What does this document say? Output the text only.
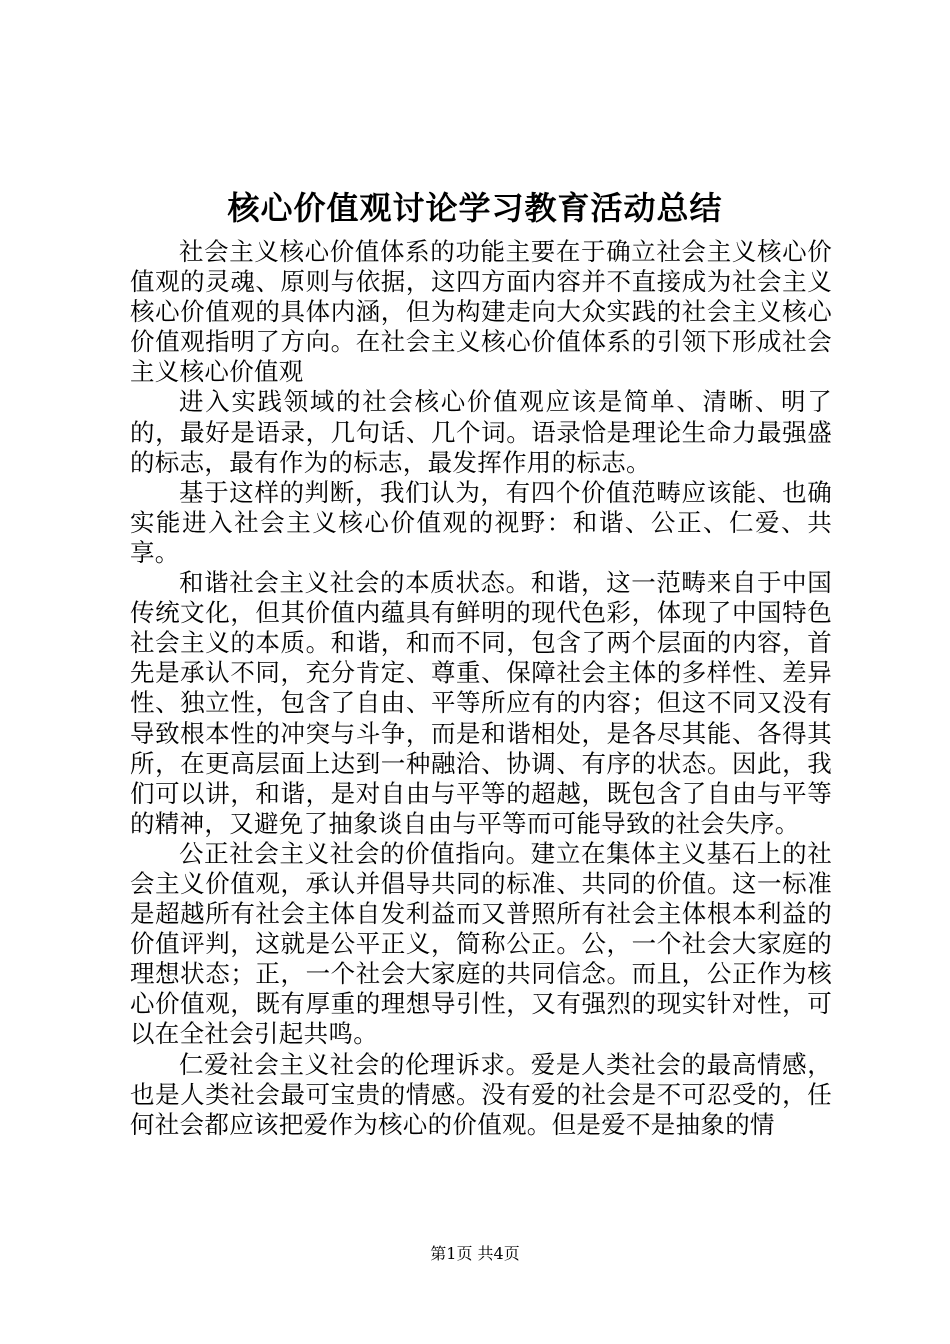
核心价值观讨论学习教育活动总结

社会主义核心价值体系的功能主要在于确立社会主义核心价值观的灵魂、原则与依据，这四方面内容并不直接成为社会主义核心价值观的具体内涵，但为构建走向大众实践的社会主义核心价值观指明了方向。在社会主义核心价值体系的引领下形成社会主义核心价值观

进入实践领域的社会核心价值观应该是简单、清晰、明了的，最好是语录，几句话、几个词。语录恰是理论生命力最强盛的标志，最有作为的标志，最发挥作用的标志。

基于这样的判断，我们认为，有四个价值范畴应该能、也确实能进入社会主义核心价值观的视野：和谐、公正、仁爱、共享。

和谐社会主义社会的本质状态。和谐，这一范畴来自于中国传统文化，但其价值内蕴具有鲜明的现代色彩，体现了中国特色社会主义的本质。和谐，和而不同，包含了两个层面的内容，首先是承认不同，充分肯定、尊重、保障社会主体的多样性、差异性、独立性，包含了自由、平等所应有的内容；但这不同又没有导致根本性的冲突与斗争，而是和谐相处，是各尽其能、各得其所，在更高层面上达到一种融洽、协调、有序的状态。因此，我们可以讲，和谐，是对自由与平等的超越，既包含了自由与平等的精神，又避免了抽象谈自由与平等而可能导致的社会失序。

公正社会主义社会的价值指向。建立在集体主义基石上的社会主义价值观，承认并倡导共同的标准、共同的价值。这一标准是超越所有社会主体自发利益而又普照所有社会主体根本利益的价值评判，这就是公平正义，简称公正。公，一个社会大家庭的理想状态；正，一个社会大家庭的共同信念。而且，公正作为核心价值观，既有厚重的理想导引性，又有强烈的现实针对性，可以在全社会引起共鸣。

仁爱社会主义社会的伦理诉求。爱是人类社会的最高情感，也是人类社会最可宝贵的情感。没有爱的社会是不可忍受的，任何社会都应该把爱作为核心的价值观。但是爱不是抽象的情

第1页 共4页
